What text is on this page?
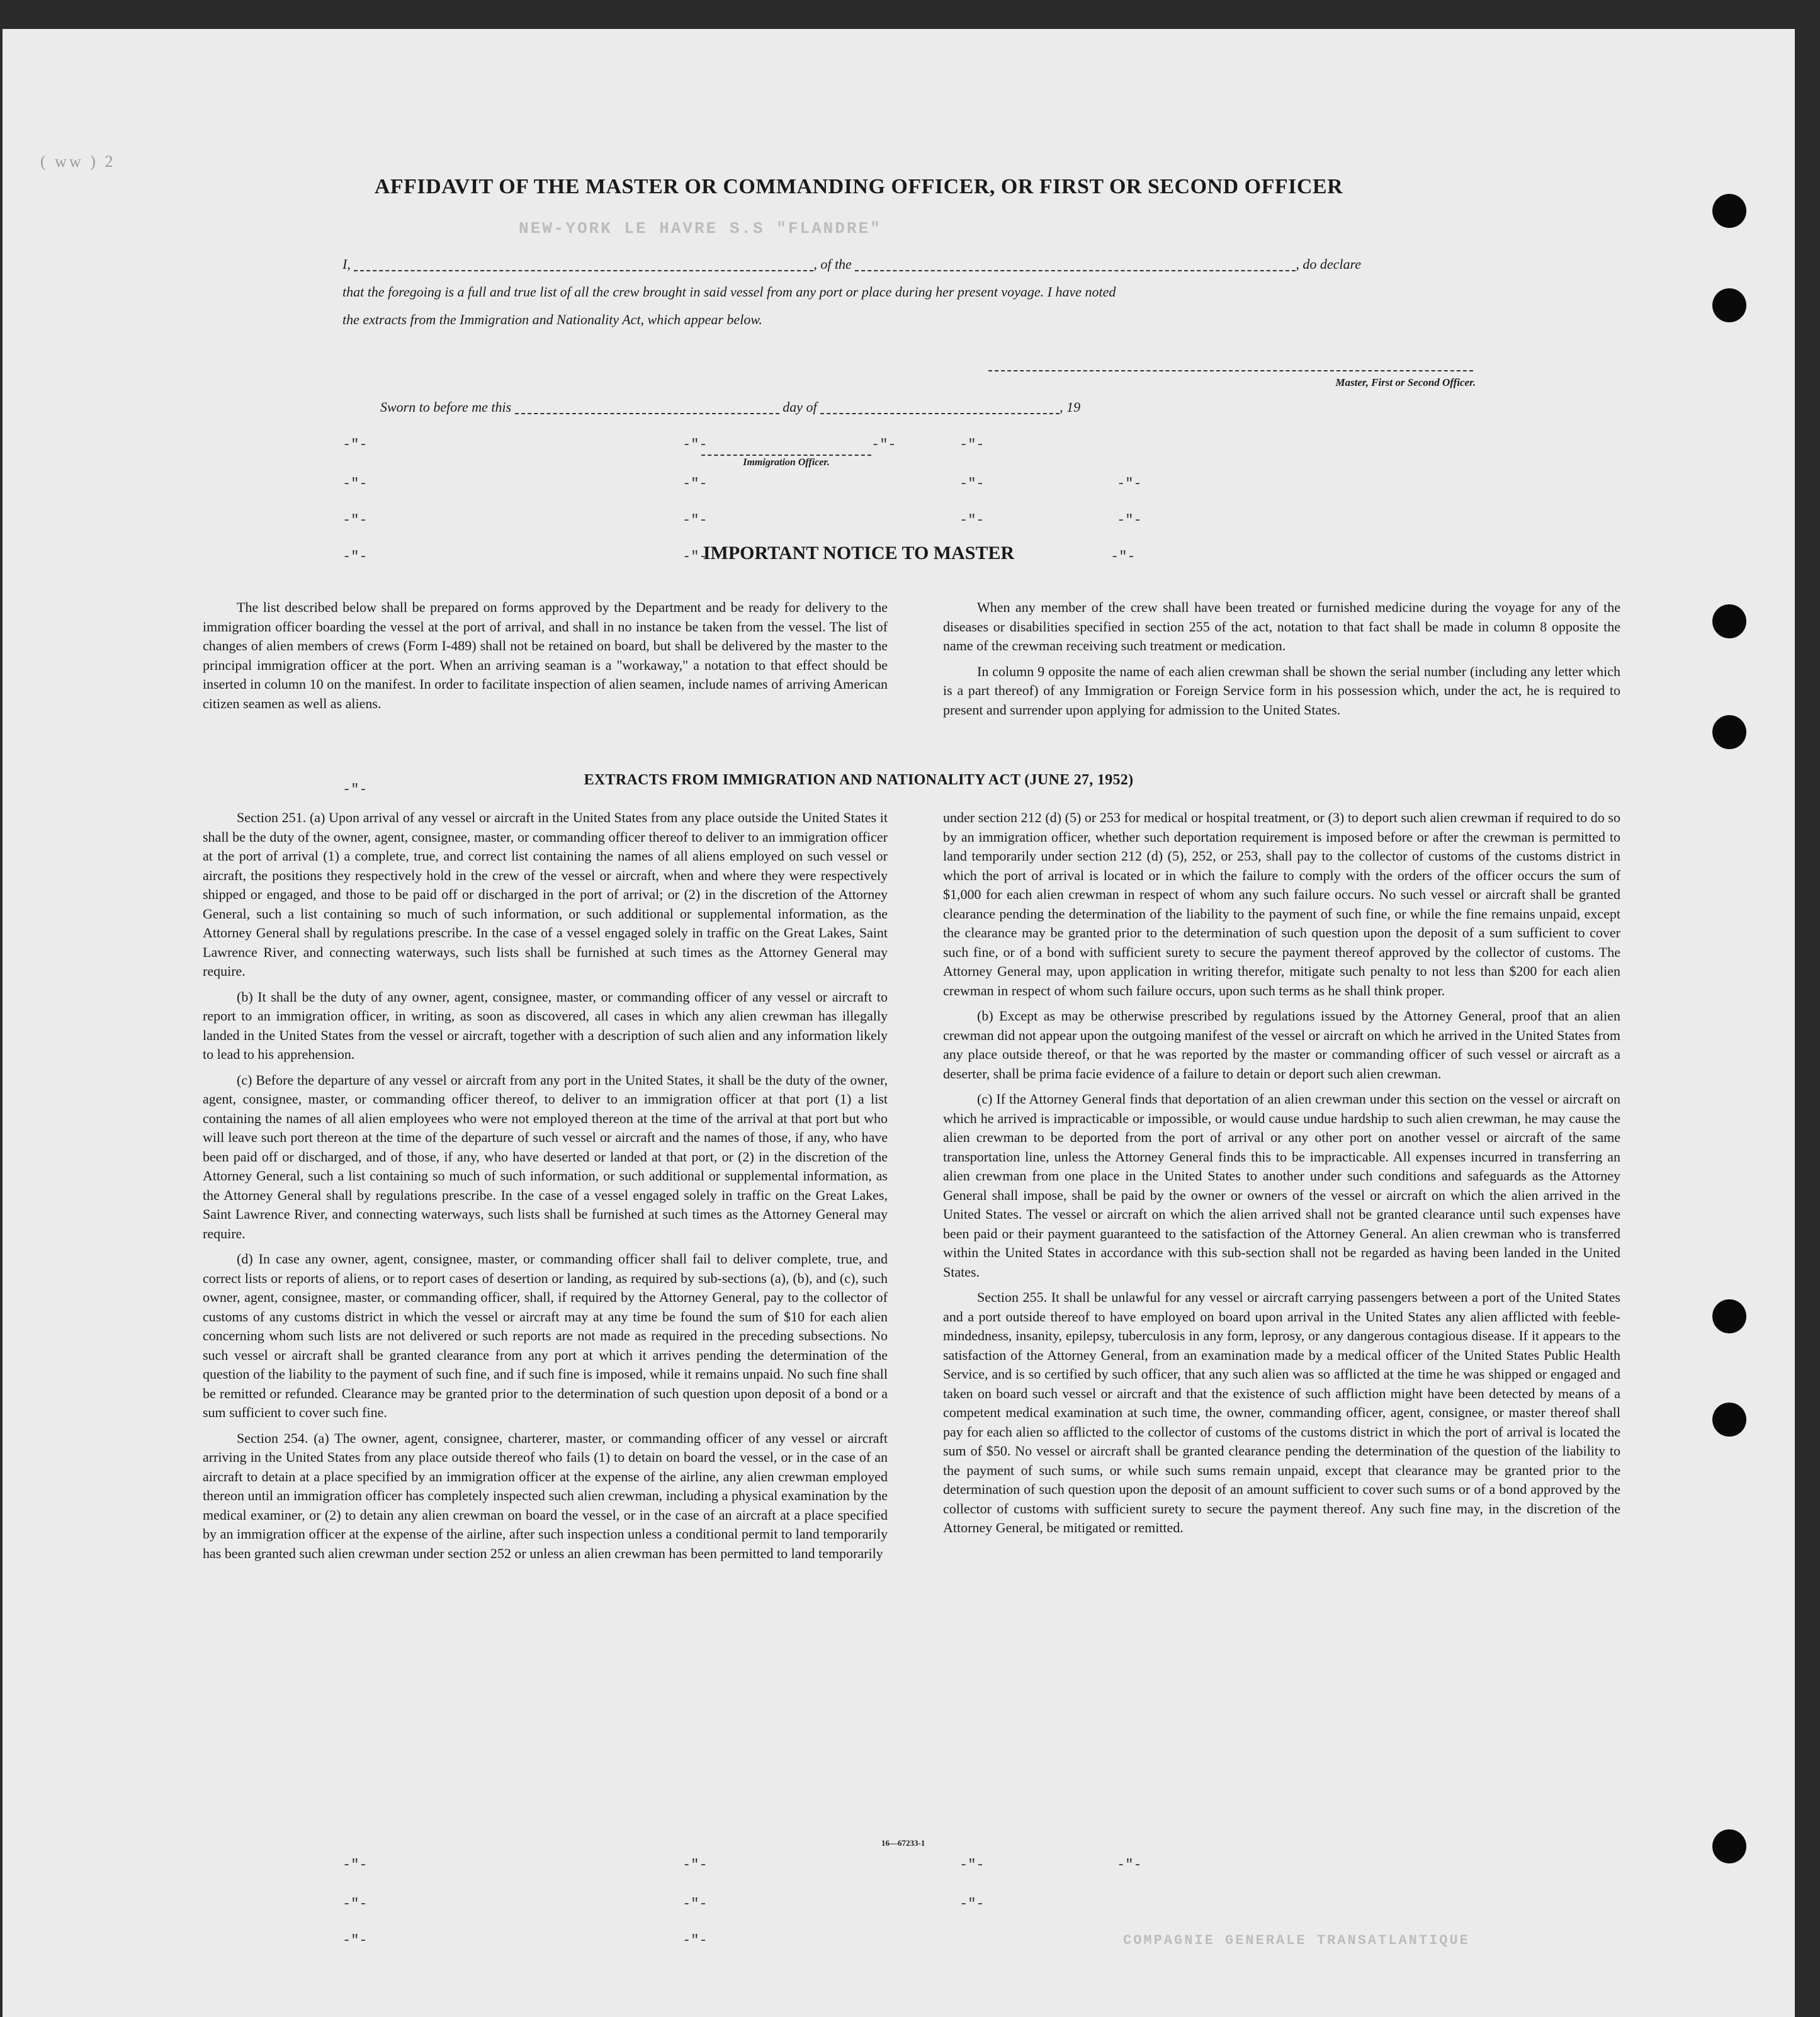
( ww ) 2
NEW-YORK LE HAVRE S.S "FLANDRE"
COMPAGNIE GENERALE TRANSATLANTIQUE
AFFIDAVIT OF THE MASTER OR COMMANDING OFFICER, OR FIRST OR SECOND OFFICER
I,	, of the	, do declare
that the foregoing is a full and true list of all the crew brought in said vessel from any port or place during her present voyage. I have noted
the extracts from the Immigration and Nationality Act, which appear below.
Master, First or Second Officer.
Sworn to before me this	day of	, 19
Immigration Officer.
IMPORTANT NOTICE TO MASTER

The list described below shall be prepared on forms approved by the Department and be ready for delivery to the immigration officer boarding the vessel at the port of arrival, and shall in no instance be taken from the vessel. The list of changes of alien members of crews (Form I-489) shall not be retained on board, but shall be delivered by the master to the principal immigration officer at the port. When an arriving seaman is a "workaway," a notation to that effect should be inserted in column 10 on the manifest. In order to facilitate inspection of alien seamen, include names of arriving American citizen seamen as well as aliens.

When any member of the crew shall have been treated or furnished medicine during the voyage for any of the diseases or disabilities specified in section 255 of the act, notation to that fact shall be made in column 8 opposite the name of the crewman receiving such treatment or medication.

In column 9 opposite the name of each alien crewman shall be shown the serial number (including any letter which is a part thereof) of any Immigration or Foreign Service form in his possession which, under the act, he is required to present and surrender upon applying for admission to the United States.

EXTRACTS FROM IMMIGRATION AND NATIONALITY ACT (JUNE 27, 1952)

Section 251. (a) Upon arrival of any vessel or aircraft in the United States from any place outside the United States it shall be the duty of the owner, agent, consignee, master, or commanding officer thereof to deliver to an immigration officer at the port of arrival (1) a complete, true, and correct list containing the names of all aliens employed on such vessel or aircraft, the positions they respectively hold in the crew of the vessel or aircraft, when and where they were respectively shipped or engaged, and those to be paid off or discharged in the port of arrival; or (2) in the discretion of the Attorney General, such a list containing so much of such information, or such additional or supplemental information, as the Attorney General shall by regulations prescribe. In the case of a vessel engaged solely in traffic on the Great Lakes, Saint Lawrence River, and connecting waterways, such lists shall be furnished at such times as the Attorney General may require.

(b) It shall be the duty of any owner, agent, consignee, master, or commanding officer of any vessel or aircraft to report to an immigration officer, in writing, as soon as discovered, all cases in which any alien crewman has illegally landed in the United States from the vessel or aircraft, together with a description of such alien and any information likely to lead to his apprehension.

(c) Before the departure of any vessel or aircraft from any port in the United States, it shall be the duty of the owner, agent, consignee, master, or commanding officer thereof, to deliver to an immigration officer at that port (1) a list containing the names of all alien employees who were not employed thereon at the time of the arrival at that port but who will leave such port thereon at the time of the departure of such vessel or aircraft and the names of those, if any, who have been paid off or discharged, and of those, if any, who have deserted or landed at that port, or (2) in the discretion of the Attorney General, such a list containing so much of such information, or such additional or supplemental information, as the Attorney General shall by regulations prescribe. In the case of a vessel engaged solely in traffic on the Great Lakes, Saint Lawrence River, and connecting waterways, such lists shall be furnished at such times as the Attorney General may require.

(d) In case any owner, agent, consignee, master, or commanding officer shall fail to deliver complete, true, and correct lists or reports of aliens, or to report cases of desertion or landing, as required by sub-sections (a), (b), and (c), such owner, agent, consignee, master, or commanding officer, shall, if required by the Attorney General, pay to the collector of customs of any customs district in which the vessel or aircraft may at any time be found the sum of $10 for each alien concerning whom such lists are not delivered or such reports are not made as required in the preceding subsections. No such vessel or aircraft shall be granted clearance from any port at which it arrives pending the determination of the question of the liability to the payment of such fine, and if such fine is imposed, while it remains unpaid. No such fine shall be remitted or refunded. Clearance may be granted prior to the determination of such question upon deposit of a bond or a sum sufficient to cover such fine.

Section 254. (a) The owner, agent, consignee, charterer, master, or commanding officer of any vessel or aircraft arriving in the United States from any place outside thereof who fails (1) to detain on board the vessel, or in the case of an aircraft to detain at a place specified by an immigration officer at the expense of the airline, any alien crewman employed thereon until an immigration officer has completely inspected such alien crewman, including a physical examination by the medical examiner, or (2) to detain any alien crewman on board the vessel, or in the case of an aircraft at a place specified by an immigration officer at the expense of the airline, after such inspection unless a conditional permit to land temporarily has been granted such alien crewman under section 252 or unless an alien crewman has been permitted to land temporarily

under section 212 (d) (5) or 253 for medical or hospital treatment, or (3) to deport such alien crewman if required to do so by an immigration officer, whether such deportation requirement is imposed before or after the crewman is permitted to land temporarily under section 212 (d) (5), 252, or 253, shall pay to the collector of customs of the customs district in which the port of arrival is located or in which the failure to comply with the orders of the officer occurs the sum of $1,000 for each alien crewman in respect of whom any such failure occurs. No such vessel or aircraft shall be granted clearance pending the determination of the liability to the payment of such fine, or while the fine remains unpaid, except the clearance may be granted prior to the determination of such question upon the deposit of a sum sufficient to cover such fine, or of a bond with sufficient surety to secure the payment thereof approved by the collector of customs. The Attorney General may, upon application in writing therefor, mitigate such penalty to not less than $200 for each alien crewman in respect of whom such failure occurs, upon such terms as he shall think proper.

(b) Except as may be otherwise prescribed by regulations issued by the Attorney General, proof that an alien crewman did not appear upon the outgoing manifest of the vessel or aircraft on which he arrived in the United States from any place outside thereof, or that he was reported by the master or commanding officer of such vessel or aircraft as a deserter, shall be prima facie evidence of a failure to detain or deport such alien crewman.

(c) If the Attorney General finds that deportation of an alien crewman under this section on the vessel or aircraft on which he arrived is impracticable or impossible, or would cause undue hardship to such alien crewman, he may cause the alien crewman to be deported from the port of arrival or any other port on another vessel or aircraft of the same transportation line, unless the Attorney General finds this to be impracticable. All expenses incurred in transferring an alien crewman from one place in the United States to another under such conditions and safeguards as the Attorney General shall impose, shall be paid by the owner or owners of the vessel or aircraft on which the alien arrived in the United States. The vessel or aircraft on which the alien arrived shall not be granted clearance until such expenses have been paid or their payment guaranteed to the satisfaction of the Attorney General. An alien crewman who is transferred within the United States in accordance with this sub-section shall not be regarded as having been landed in the United States.

Section 255. It shall be unlawful for any vessel or aircraft carrying passengers between a port of the United States and a port outside thereof to have employed on board upon arrival in the United States any alien afflicted with feeble-mindedness, insanity, epilepsy, tuberculosis in any form, leprosy, or any dangerous contagious disease. If it appears to the satisfaction of the Attorney General, from an examination made by a medical officer of the United States Public Health Service, and is so certified by such officer, that any such alien was so afflicted at the time he was shipped or engaged and taken on board such vessel or aircraft and that the existence of such affliction might have been detected by means of a competent medical examination at such time, the owner, commanding officer, agent, consignee, or master thereof shall pay for each alien so afflicted to the collector of customs of the customs district in which the port of arrival is located the sum of $50. No vessel or aircraft shall be granted clearance pending the determination of the question of the liability to the payment of such sums, or while such sums remain unpaid, except that clearance may be granted prior to the determination of such question upon the deposit of an amount sufficient to cover such sums or of a bond approved by the collector of customs with sufficient surety to secure the payment thereof. Any such fine may, in the discretion of the Attorney General, be mitigated or remitted.

-"-	-"-	-"-	-"-
-"-	-"-	-"-	-"-
-"-	-"-	-"-	-"-
-"-	-"-	-"-
-"-
-"-	-"-	-"-	-"-
-"-	-"-	-"-
-"-	-"-
16—67233-1
